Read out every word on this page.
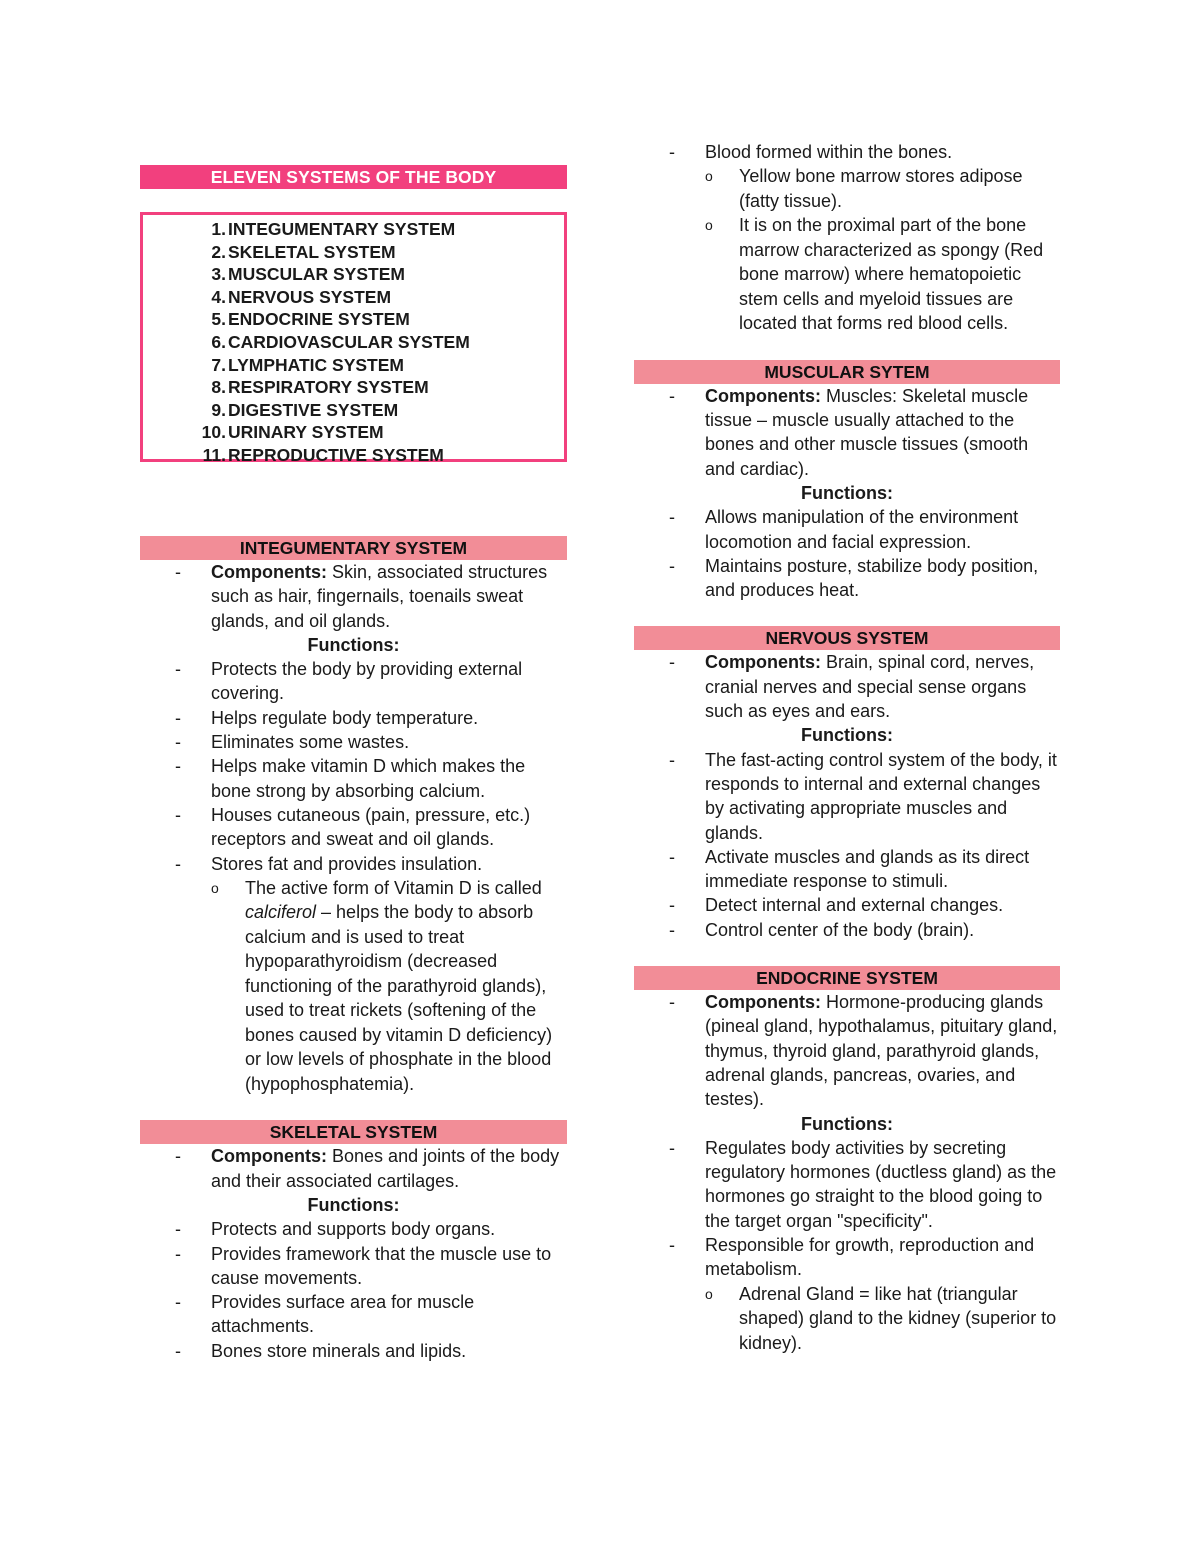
ELEVEN SYSTEMS OF THE BODY
1. INTEGUMENTARY SYSTEM
2. SKELETAL SYSTEM
3. MUSCULAR SYSTEM
4. NERVOUS SYSTEM
5. ENDOCRINE SYSTEM
6. CARDIOVASCULAR SYSTEM
7. LYMPHATIC SYSTEM
8. RESPIRATORY SYSTEM
9. DIGESTIVE SYSTEM
10. URINARY SYSTEM
11. REPRODUCTIVE SYSTEM
INTEGUMENTARY SYSTEM
-	Components: Skin, associated structures such as hair, fingernails, toenails sweat glands, and oil glands.
Functions:
-	Protects the body by providing external covering.
-	Helps regulate body temperature.
-	Eliminates some wastes.
-	Helps make vitamin D which makes the bone strong by absorbing calcium.
-	Houses cutaneous (pain, pressure, etc.) receptors and sweat and oil glands.
-	Stores fat and provides insulation.
o	The active form of Vitamin D is called calciferol – helps the body to absorb calcium and is used to treat hypoparathyroidism (decreased functioning of the parathyroid glands), used to treat rickets (softening of the bones caused by vitamin D deficiency) or low levels of phosphate in the blood (hypophosphatemia).
SKELETAL SYSTEM
-	Components: Bones and joints of the body and their associated cartilages.
Functions:
-	Protects and supports body organs.
-	Provides framework that the muscle use to cause movements.
-	Provides surface area for muscle attachments.
-	Bones store minerals and lipids.
-	Blood formed within the bones.
o	Yellow bone marrow stores adipose (fatty tissue).
o	It is on the proximal part of the bone marrow characterized as spongy (Red bone marrow) where hematopoietic stem cells and myeloid tissues are located that forms red blood cells.
MUSCULAR SYTEM
-	Components: Muscles: Skeletal muscle tissue – muscle usually attached to the bones and other muscle tissues (smooth and cardiac).
Functions:
-	Allows manipulation of the environment locomotion and facial expression.
-	Maintains posture, stabilize body position, and produces heat.
NERVOUS SYSTEM
-	Components: Brain, spinal cord, nerves, cranial nerves and special sense organs such as eyes and ears.
Functions:
-	The fast-acting control system of the body, it responds to internal and external changes by activating appropriate muscles and glands.
-	Activate muscles and glands as its direct immediate response to stimuli.
-	Detect internal and external changes.
-	Control center of the body (brain).
ENDOCRINE SYSTEM
-	Components: Hormone-producing glands (pineal gland, hypothalamus, pituitary gland, thymus, thyroid gland, parathyroid glands, adrenal glands, pancreas, ovaries, and testes).
Functions:
-	Regulates body activities by secreting regulatory hormones (ductless gland) as the hormones go straight to the blood going to the target organ "specificity".
-	Responsible for growth, reproduction and metabolism.
o	Adrenal Gland = like hat (triangular shaped) gland to the kidney (superior to kidney).
